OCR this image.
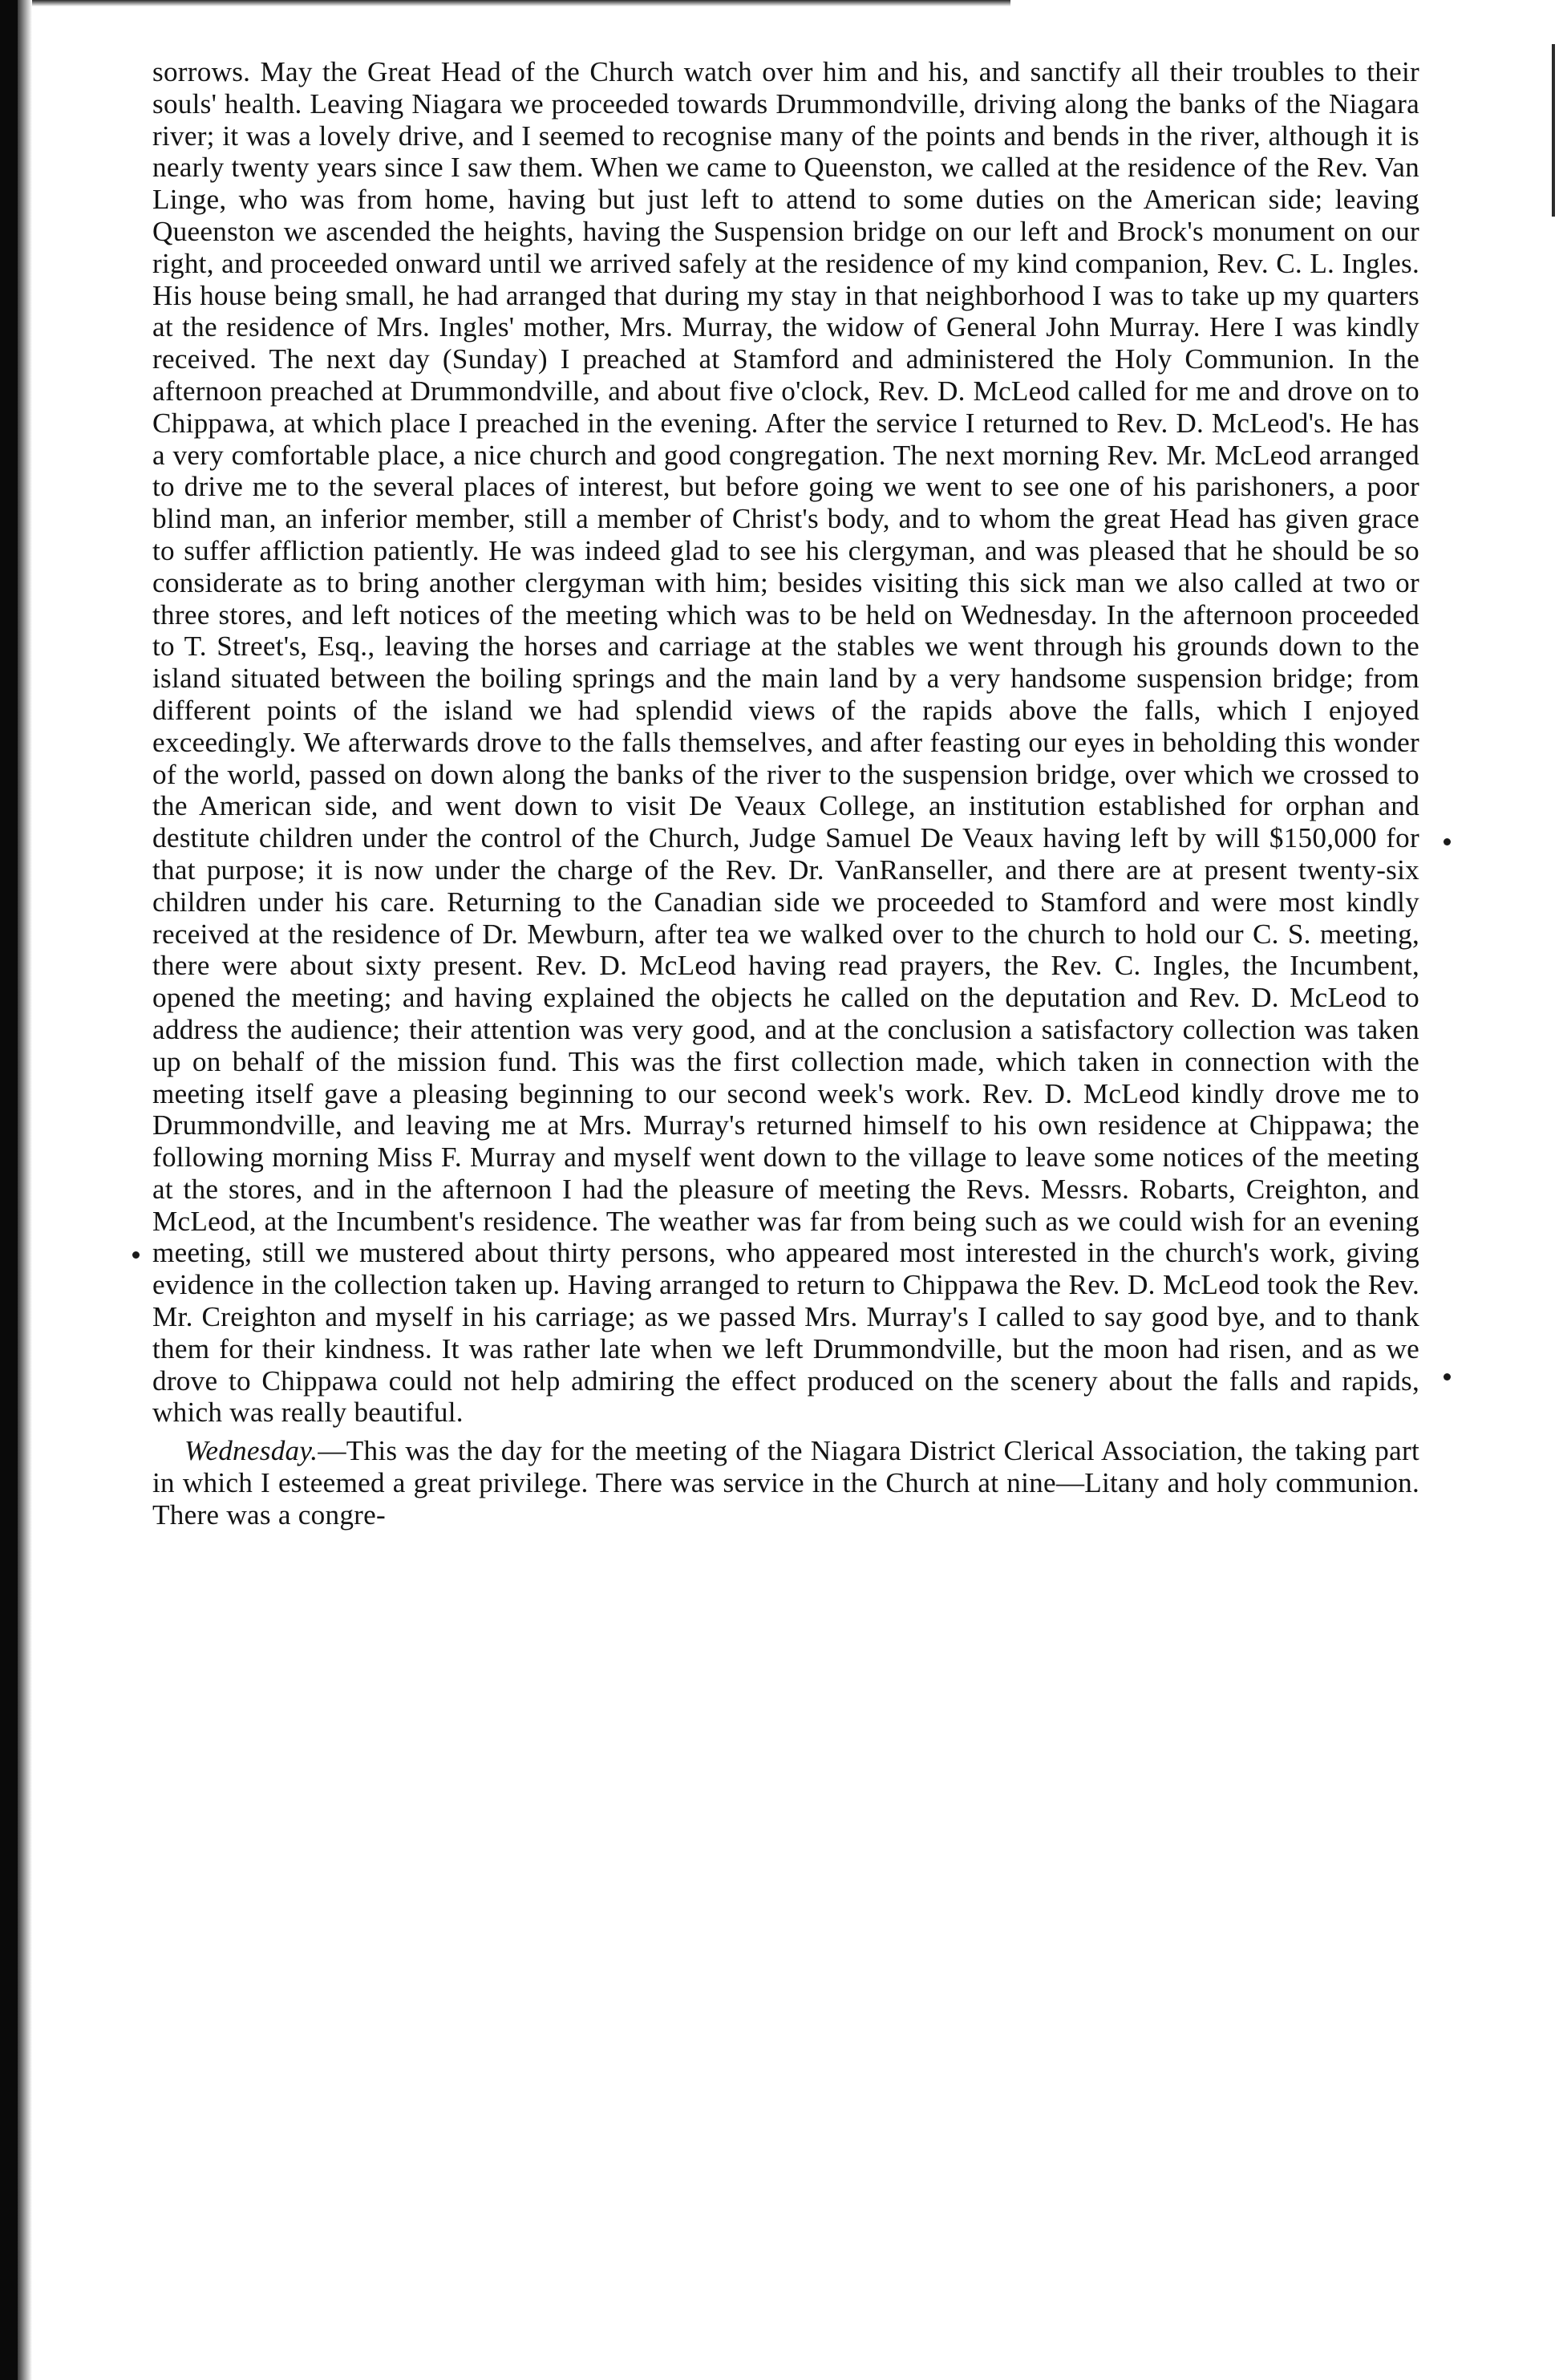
sorrows. May the Great Head of the Church watch over him and his, and sanctify all their troubles to their souls' health. Leaving Niagara we proceeded towards Drummondville, driving along the banks of the Niagara river; it was a lovely drive, and I seemed to recognise many of the points and bends in the river, although it is nearly twenty years since I saw them. When we came to Queenston, we called at the residence of the Rev. Van Linge, who was from home, having but just left to attend to some duties on the American side; leaving Queenston we ascended the heights, having the Suspension bridge on our left and Brock's monument on our right, and proceeded onward until we arrived safely at the residence of my kind companion, Rev. C. L. Ingles. His house being small, he had arranged that during my stay in that neighborhood I was to take up my quarters at the residence of Mrs. Ingles' mother, Mrs. Murray, the widow of General John Murray. Here I was kindly received. The next day (Sunday) I preached at Stamford and administered the Holy Communion. In the afternoon preached at Drummondville, and about five o'clock, Rev. D. McLeod called for me and drove on to Chippawa, at which place I preached in the evening. After the service I returned to Rev. D. McLeod's. He has a very comfortable place, a nice church and good congregation. The next morning Rev. Mr. McLeod arranged to drive me to the several places of interest, but before going we went to see one of his parishoners, a poor blind man, an inferior member, still a member of Christ's body, and to whom the great Head has given grace to suffer affliction patiently. He was indeed glad to see his clergyman, and was pleased that he should be so considerate as to bring another clergyman with him; besides visiting this sick man we also called at two or three stores, and left notices of the meeting which was to be held on Wednesday. In the afternoon proceeded to T. Street's, Esq., leaving the horses and carriage at the stables we went through his grounds down to the island situated between the boiling springs and the main land by a very handsome suspension bridge; from different points of the island we had splendid views of the rapids above the falls, which I enjoyed exceedingly. We afterwards drove to the falls themselves, and after feasting our eyes in beholding this wonder of the world, passed on down along the banks of the river to the suspension bridge, over which we crossed to the American side, and went down to visit De Veaux College, an institution established for orphan and destitute children under the control of the Church, Judge Samuel De Veaux having left by will $150,000 for that purpose; it is now under the charge of the Rev. Dr. VanRanseller, and there are at present twenty-six children under his care. Returning to the Canadian side we proceeded to Stamford and were most kindly received at the residence of Dr. Mewburn, after tea we walked over to the church to hold our C. S. meeting, there were about sixty present. Rev. D. McLeod having read prayers, the Rev. C. Ingles, the Incumbent, opened the meeting; and having explained the objects he called on the deputation and Rev. D. McLeod to address the audience; their attention was very good, and at the conclusion a satisfactory collection was taken up on behalf of the mission fund. This was the first collection made, which taken in connection with the meeting itself gave a pleasing beginning to our second week's work. Rev. D. McLeod kindly drove me to Drummondville, and leaving me at Mrs. Murray's returned himself to his own residence at Chippawa; the following morning Miss F. Murray and myself went down to the village to leave some notices of the meeting at the stores, and in the afternoon I had the pleasure of meeting the Revs. Messrs. Robarts, Creighton, and McLeod, at the Incumbent's residence. The weather was far from being such as we could wish for an evening meeting, still we mustered about thirty persons, who appeared most interested in the church's work, giving evidence in the collection taken up. Having arranged to return to Chippawa the Rev. D. McLeod took the Rev. Mr. Creighton and myself in his carriage; as we passed Mrs. Murray's I called to say good bye, and to thank them for their kindness. It was rather late when we left Drummondville, but the moon had risen, and as we drove to Chippawa could not help admiring the effect produced on the scenery about the falls and rapids, which was really beautiful.

Wednesday.—This was the day for the meeting of the Niagara District Clerical Association, the taking part in which I esteemed a great privilege. There was service in the Church at nine—Litany and holy communion. There was a congre-
